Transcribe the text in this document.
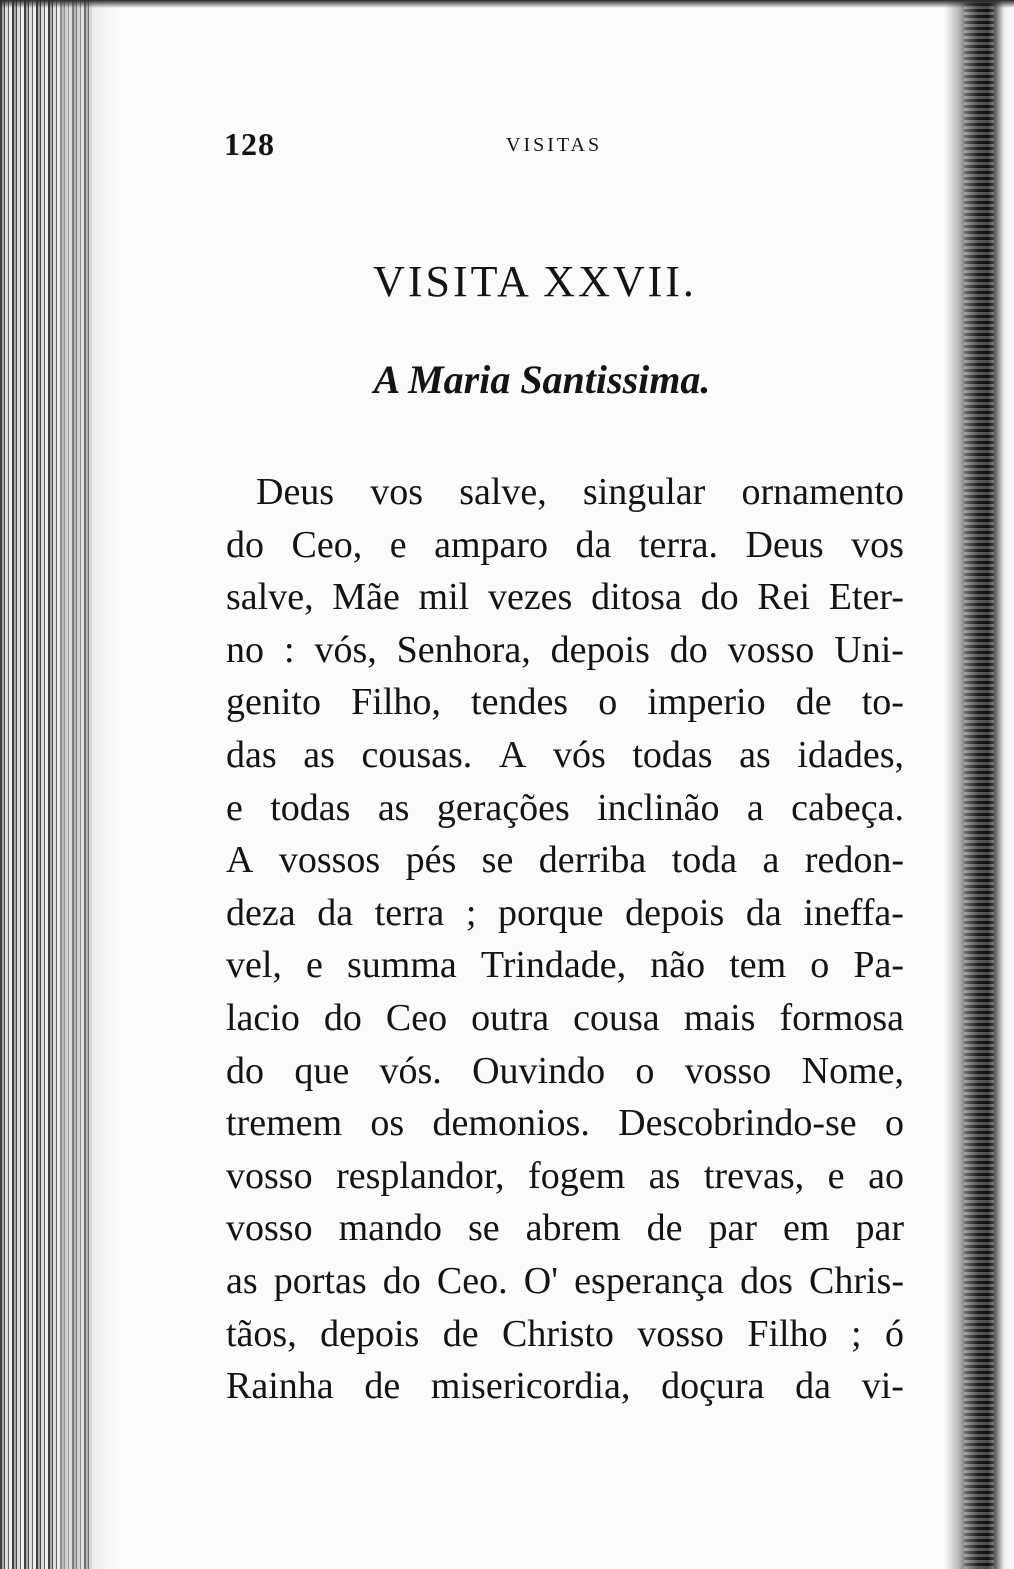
128	VISITAS
VISITA XXVII.
A Maria Santissima.
Deus vos salve, singular ornamento
do Ceo, e amparo da terra. Deus vos
salve, Mãe mil vezes ditosa do Rei Eter-
no : vós, Senhora, depois do vosso Uni-
genito Filho, tendes o imperio de to-
das as cousas. A vós todas as idades,
e todas as gerações inclinão a cabeça.
A vossos pés se derriba toda a redon-
deza da terra ; porque depois da ineffa-
vel, e summa Trindade, não tem o Pa-
lacio do Ceo outra cousa mais formosa
do que vós. Ouvindo o vosso Nome,
tremem os demonios. Descobrindo-se o
vosso resplandor, fogem as trevas, e ao
vosso mando se abrem de par em par
as portas do Ceo. O' esperança dos Chris-
tãos, depois de Christo vosso Filho ; ó
Rainha de misericordia, doçura da vi-
